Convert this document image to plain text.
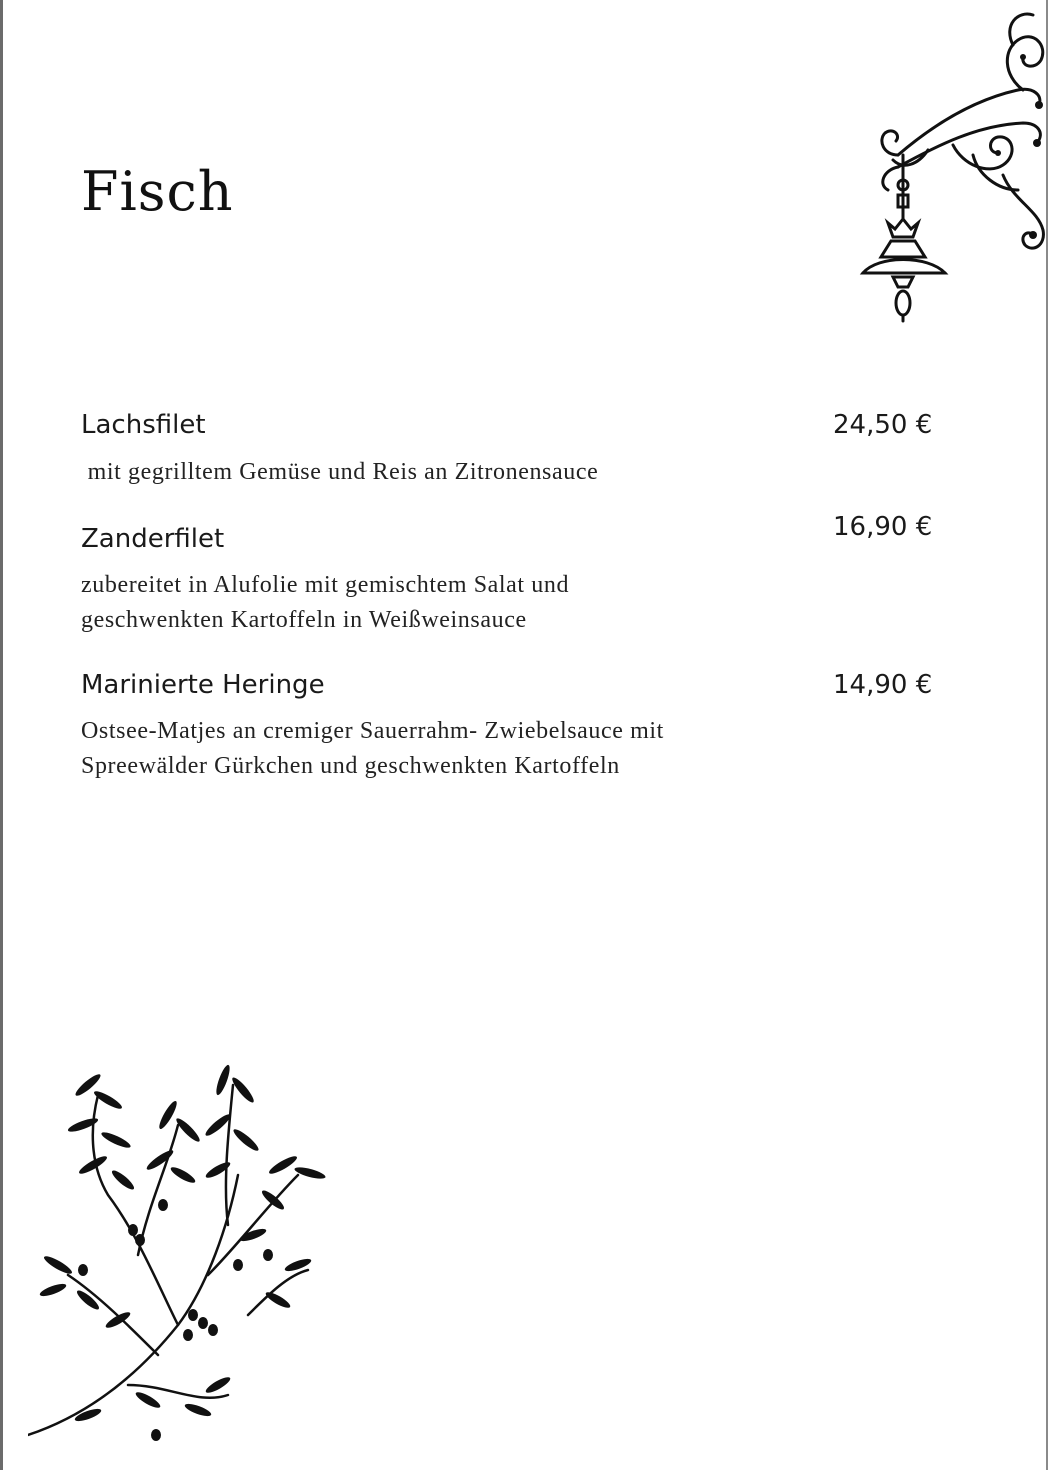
Fisch
Lachsfilet	24,50 €
mit gegrilltem Gemüse und Reis an Zitronensauce
Zanderfilet	16,90 €
zubereitet in Alufolie mit gemischtem Salat und
geschwenkten Kartoffeln in Weißweinsauce
Marinierte Heringe	14,90 €
Ostsee-Matjes an cremiger Sauerrahm- Zwiebelsauce mit
Spreewälder Gürkchen und geschwenkten Kartoffeln
